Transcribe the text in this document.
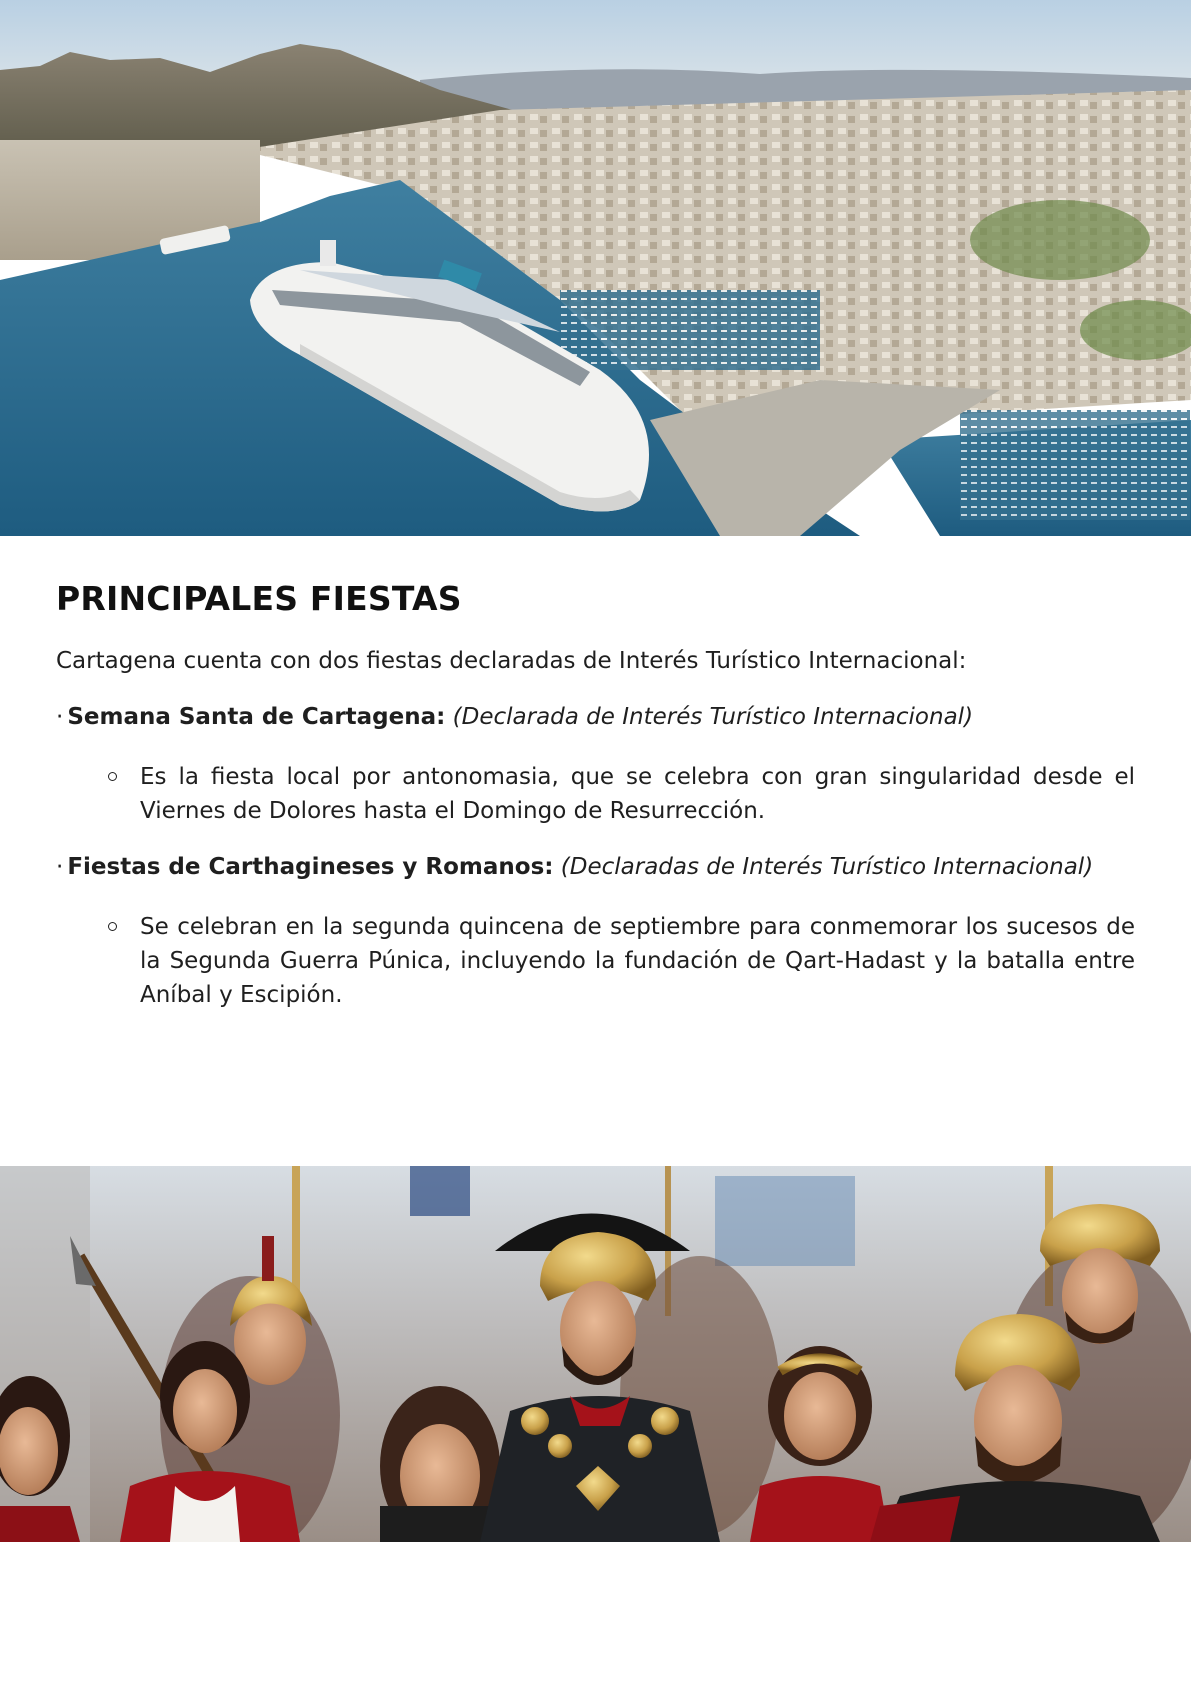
PRINCIPALES FIESTAS

Cartagena cuenta con dos fiestas declaradas de Interés Turístico Internacional:

· Semana Santa de Cartagena: (Declarada de Interés Turístico Internacional)

Es la fiesta local por antonomasia, que se celebra con gran singularidad desde el Viernes de Dolores hasta el Domingo de Resurrección.

· Fiestas de Carthagineses y Romanos: (Declaradas de Interés Turístico Internacional)

Se celebran en la segunda quincena de septiembre para conmemorar los sucesos de la Segunda Guerra Púnica, incluyendo la fundación de Qart-Hadast y la batalla entre Aníbal y Escipión.
